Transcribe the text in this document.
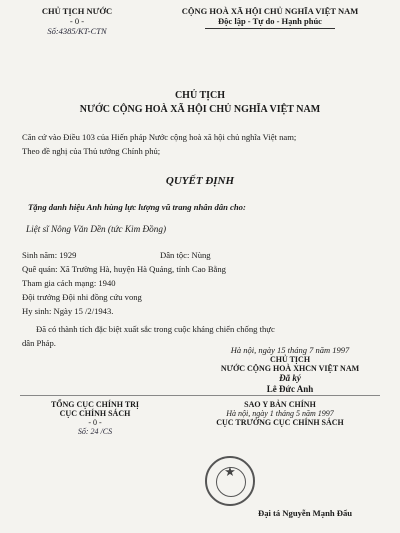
CHỦ TỊCH NƯỚC
- 0 -
Số:4385/KT-CTN
CỘNG HOÀ XÃ HỘI CHỦ NGHĨA VIỆT NAM
Độc lập - Tự do - Hạnh phúc
CHỦ TỊCH
NƯỚC CỘNG HOÀ XÃ HỘI CHỦ NGHĨA VIỆT NAM
Căn cứ vào Điều 103 của Hiến pháp Nước cộng hoà xã hội chủ nghĩa Việt nam;
Theo đề nghị của Thủ tướng Chính phủ;
QUYẾT ĐỊNH
Tặng danh hiệu Anh hùng lực lượng vũ trang nhân dân cho:
Liệt sĩ Nông Văn Dền (tức Kim Đồng)
Sinh năm: 1929	Dân tộc: Nùng
Quê quán: Xã Trường Hà, huyện Hà Quảng, tỉnh Cao Bằng
Tham gia cách mạng: 1940
Đội trưởng Đội nhi đồng cứu vong
Hy sinh: Ngày 15 /2/1943.
Đã có thành tích đặc biệt xuất sắc trong cuộc kháng chiến chống thực
dân Pháp.
Hà nội, ngày 15 tháng 7 năm 1997
CHỦ TỊCH
NƯỚC CỘNG HOÀ XHCN VIỆT NAM
Đã ký
Lê Đức Anh
TỔNG CỤC CHÍNH TRỊ
CỤC CHÍNH SÁCH
- 0 -
Số: 24 /CS
SAO Y BẢN CHÍNH
Hà nội, ngày 1 tháng 5 năm 1997
CỤC TRƯỞNG CỤC CHÍNH SÁCH
★
Đại tá Nguyễn Mạnh Đẩu
